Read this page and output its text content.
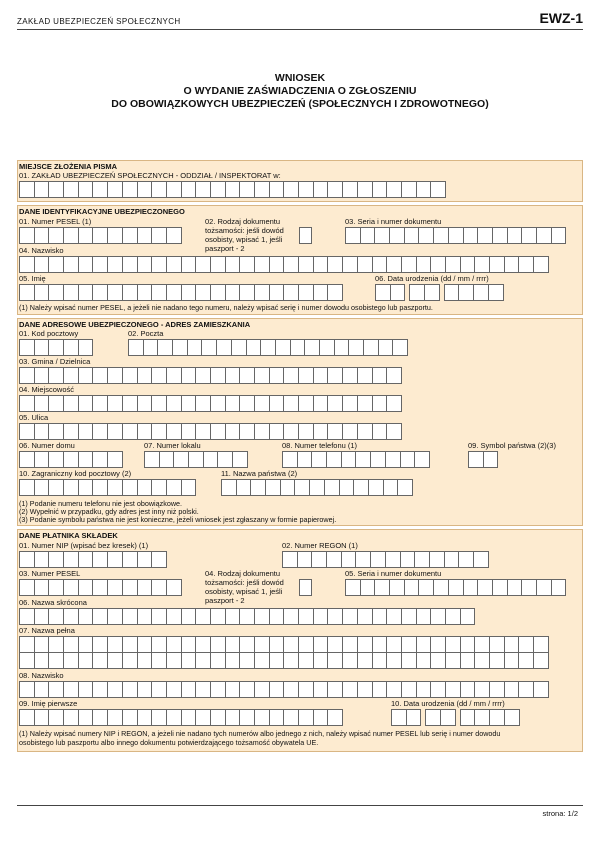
ZAKŁAD UBEZPIECZEŃ SPOŁECZNYCH	EWZ-1
WNIOSEK
O WYDANIE ZAŚWIADCZENIA O ZGŁOSZENIU
DO OBOWIĄZKOWYCH UBEZPIECZEŃ (SPOŁECZNYCH I ZDROWOTNEGO)
MIEJSCE ZŁOŻENIA PISMA
01. ZAKŁAD UBEZPIECZEŃ SPOŁECZNYCH - ODDZIAŁ / INSPEKTORAT w:
DANE IDENTYFIKACYJNE UBEZPIECZONEGO
01. Numer PESEL (1)	02. Rodzaj dokumentu
tożsamości: jeśli dowód
osobisty, wpisać 1, jeśli
paszport - 2
03. Seria i numer dokumentu
04. Nazwisko
05. Imię	06. Data urodzenia (dd / mm / rrrr)
(1) Należy wpisać numer PESEL, a jeżeli nie nadano tego numeru, należy wpisać serię i numer dowodu osobistego lub paszportu.
DANE ADRESOWE UBEZPIECZONEGO - ADRES ZAMIESZKANIA
01. Kod pocztowy	02. Poczta
03. Gmina / Dzielnica
04. Miejscowość
05. Ulica
06. Numer domu	07. Numer lokalu	08. Numer telefonu (1)	09. Symbol państwa (2)(3)
10. Zagraniczny kod pocztowy (2)	11. Nazwa państwa (2)
(1) Podanie numeru telefonu nie jest obowiązkowe.
(2) Wypełnić w przypadku, gdy adres jest inny niż polski.
(3) Podanie symbolu państwa nie jest konieczne, jeżeli wniosek jest zgłaszany w formie papierowej.
DANE PŁATNIKA SKŁADEK
01. Numer NIP (wpisać bez kresek) (1)	02. Numer REGON (1)
03. Numer PESEL	04. Rodzaj dokumentu
tożsamości: jeśli dowód
osobisty, wpisać 1, jeśli
paszport - 2
05. Seria i numer dokumentu
06. Nazwa skrócona
07. Nazwa pełna
08. Nazwisko
09. Imię pierwsze	10. Data urodzenia (dd / mm / rrrr)
(1) Należy wpisać numery NIP i REGON, a jeżeli nie nadano tych numerów albo jednego z nich, należy wpisać numer PESEL lub serię i numer dowodu
osobistego lub paszportu albo innego dokumentu potwierdzającego tożsamość obywatela UE.
strona: 1/2
